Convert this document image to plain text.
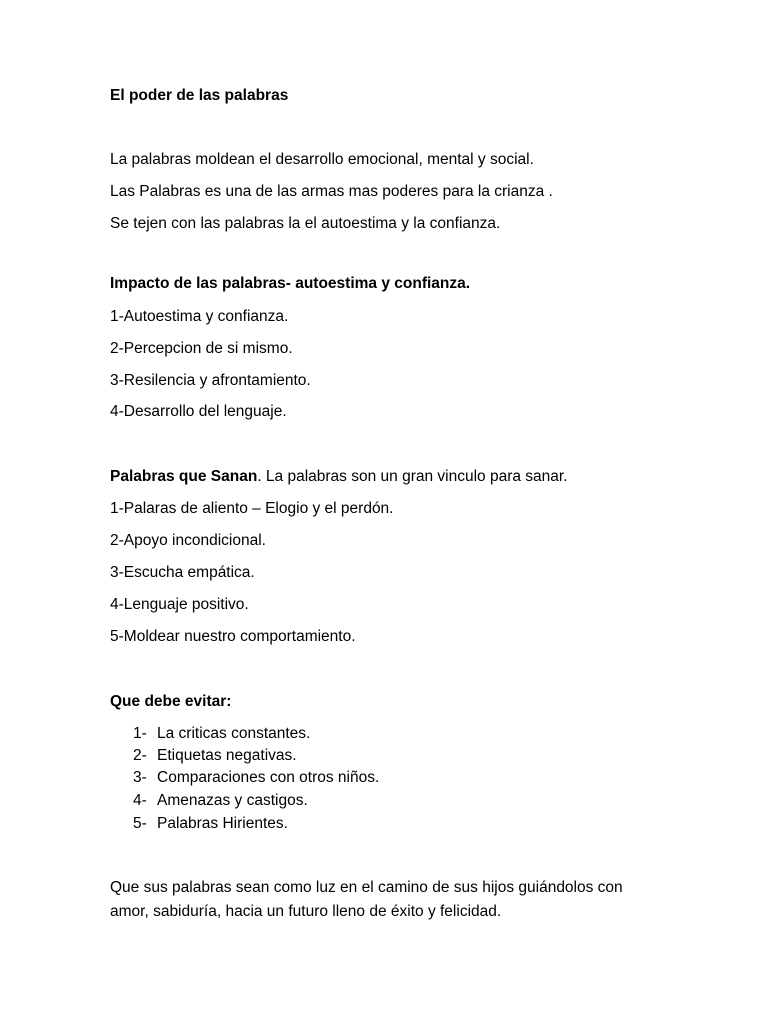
El poder de las palabras

La palabras moldean el desarrollo emocional, mental y social.

Las Palabras es una de las armas mas poderes para la crianza .

Se tejen con las palabras la el autoestima y la confianza.

Impacto de las palabras- autoestima y confianza.

1-Autoestima y confianza.

2-Percepcion de si mismo.

3-Resilencia y afrontamiento.

4-Desarrollo del lenguaje.

Palabras que Sanan. La palabras son un gran vinculo para sanar.

1-Palaras de aliento – Elogio y el perdón.

2-Apoyo incondicional.

3-Escucha empática.

4-Lenguaje positivo.

5-Moldear nuestro comportamiento.

Que debe evitar:

1- La criticas constantes.

2- Etiquetas negativas.

3- Comparaciones con otros niños.

4- Amenazas y castigos.

5- Palabras Hirientes.

Que sus palabras sean como luz en el camino de sus hijos guiándolos con

amor, sabiduría, hacia un futuro lleno de éxito y felicidad.
